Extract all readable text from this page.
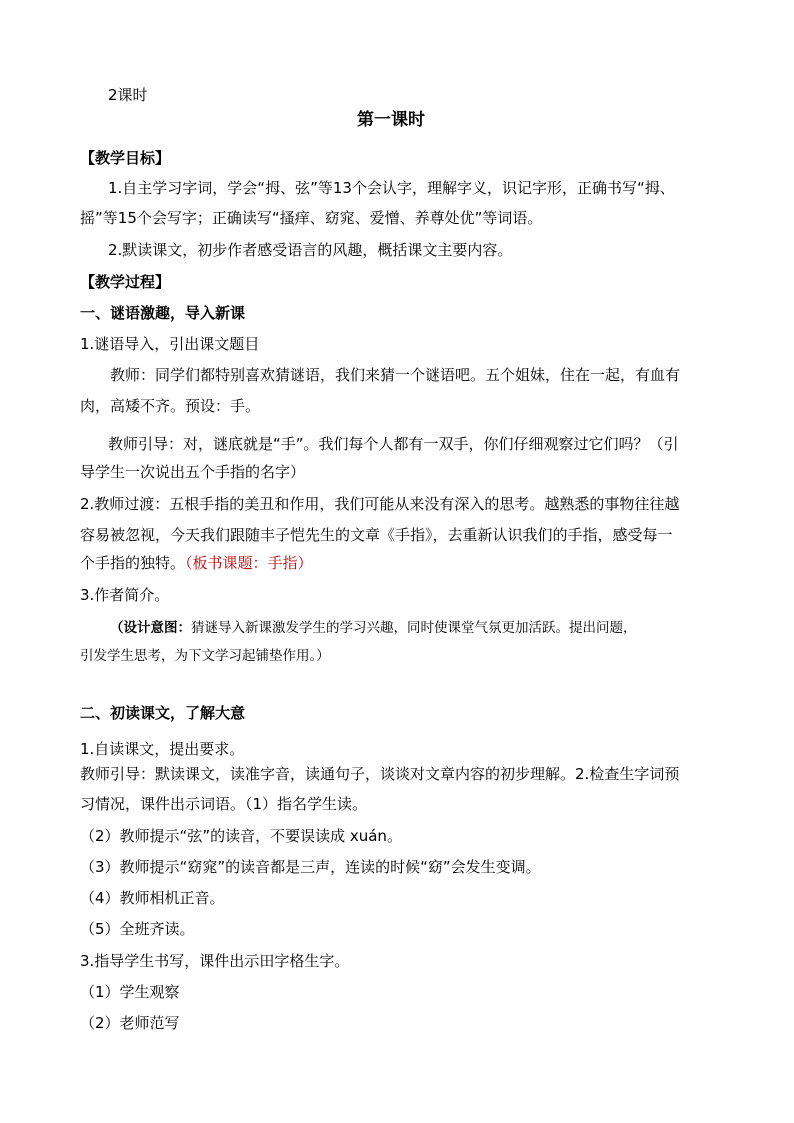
2课时
第一课时
【教学目标】
1.自主学习字词，学会“拇、弦”等13个会认字，理解字义，识记字形，正确书写“拇、
摇”等15个会写字；正确读写“搔痒、窈窕、爱憎、养尊处优”等词语。
2.默读课文，初步作者感受语言的风趣，概括课文主要内容。
【教学过程】
一、谜语激趣，导入新课
1.谜语导入，引出课文题目
教师：同学们都特别喜欢猜谜语，我们来猜一个谜语吧。五个姐妹，住在一起，有血有
肉，高矮不齐。预设：手。
教师引导：对，谜底就是“手”。我们每个人都有一双手，你们仔细观察过它们吗？（引
导学生一次说出五个手指的名字）
2.教师过渡：五根手指的美丑和作用，我们可能从来没有深入的思考。越熟悉的事物往往越
容易被忽视，今天我们跟随丰子恺先生的文章《手指》，去重新认识我们的手指，感受每一
个手指的独特。（板书课题：手指）
3.作者简介。
（设计意图：猜谜导入新课激发学生的学习兴趣，同时使课堂气氛更加活跃。提出问题，
引发学生思考，为下文学习起铺垫作用。）
二、初读课文，了解大意
1.自读课文，提出要求。
教师引导：默读课文，读准字音，读通句子，谈谈对文章内容的初步理解。2.检查生字词预
习情况，课件出示词语。（1）指名学生读。
（2）教师提示“弦”的读音，不要误读成 xuán。
（3）教师提示“窈窕”的读音都是三声，连读的时候“窈”会发生变调。
（4）教师相机正音。
（5）全班齐读。
3.指导学生书写，课件出示田字格生字。
（1）学生观察
（2）老师范写
